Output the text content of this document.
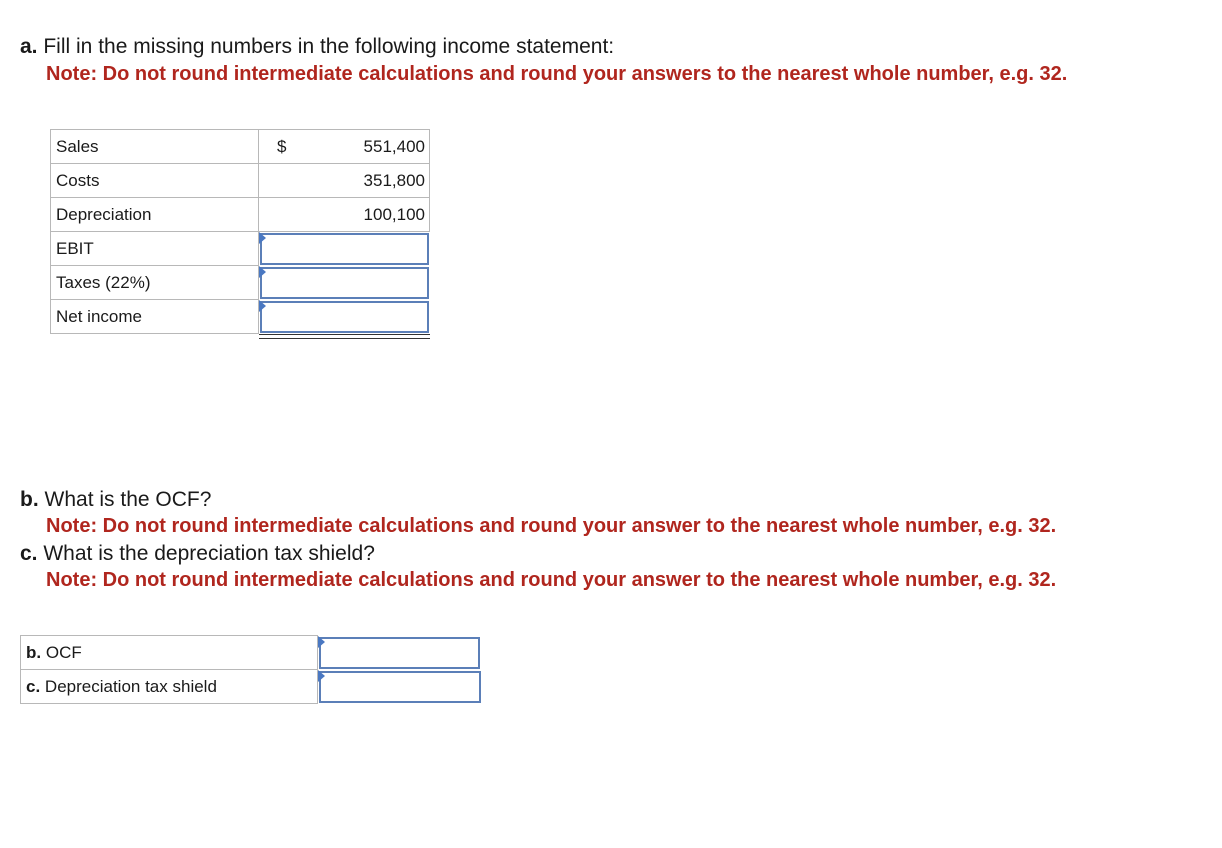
a. Fill in the missing numbers in the following income statement:
Note: Do not round intermediate calculations and round your answers to the nearest whole number, e.g. 32.
Sales	$ 551,400

Costs	351,800

Depreciation	100,100

EBIT	

Taxes (22%)	

Net income	
b. What is the OCF?
Note: Do not round intermediate calculations and round your answer to the nearest whole number, e.g. 32.
c. What is the depreciation tax shield?
Note: Do not round intermediate calculations and round your answer to the nearest whole number, e.g. 32.
b. OCF	

c. Depreciation tax shield	
